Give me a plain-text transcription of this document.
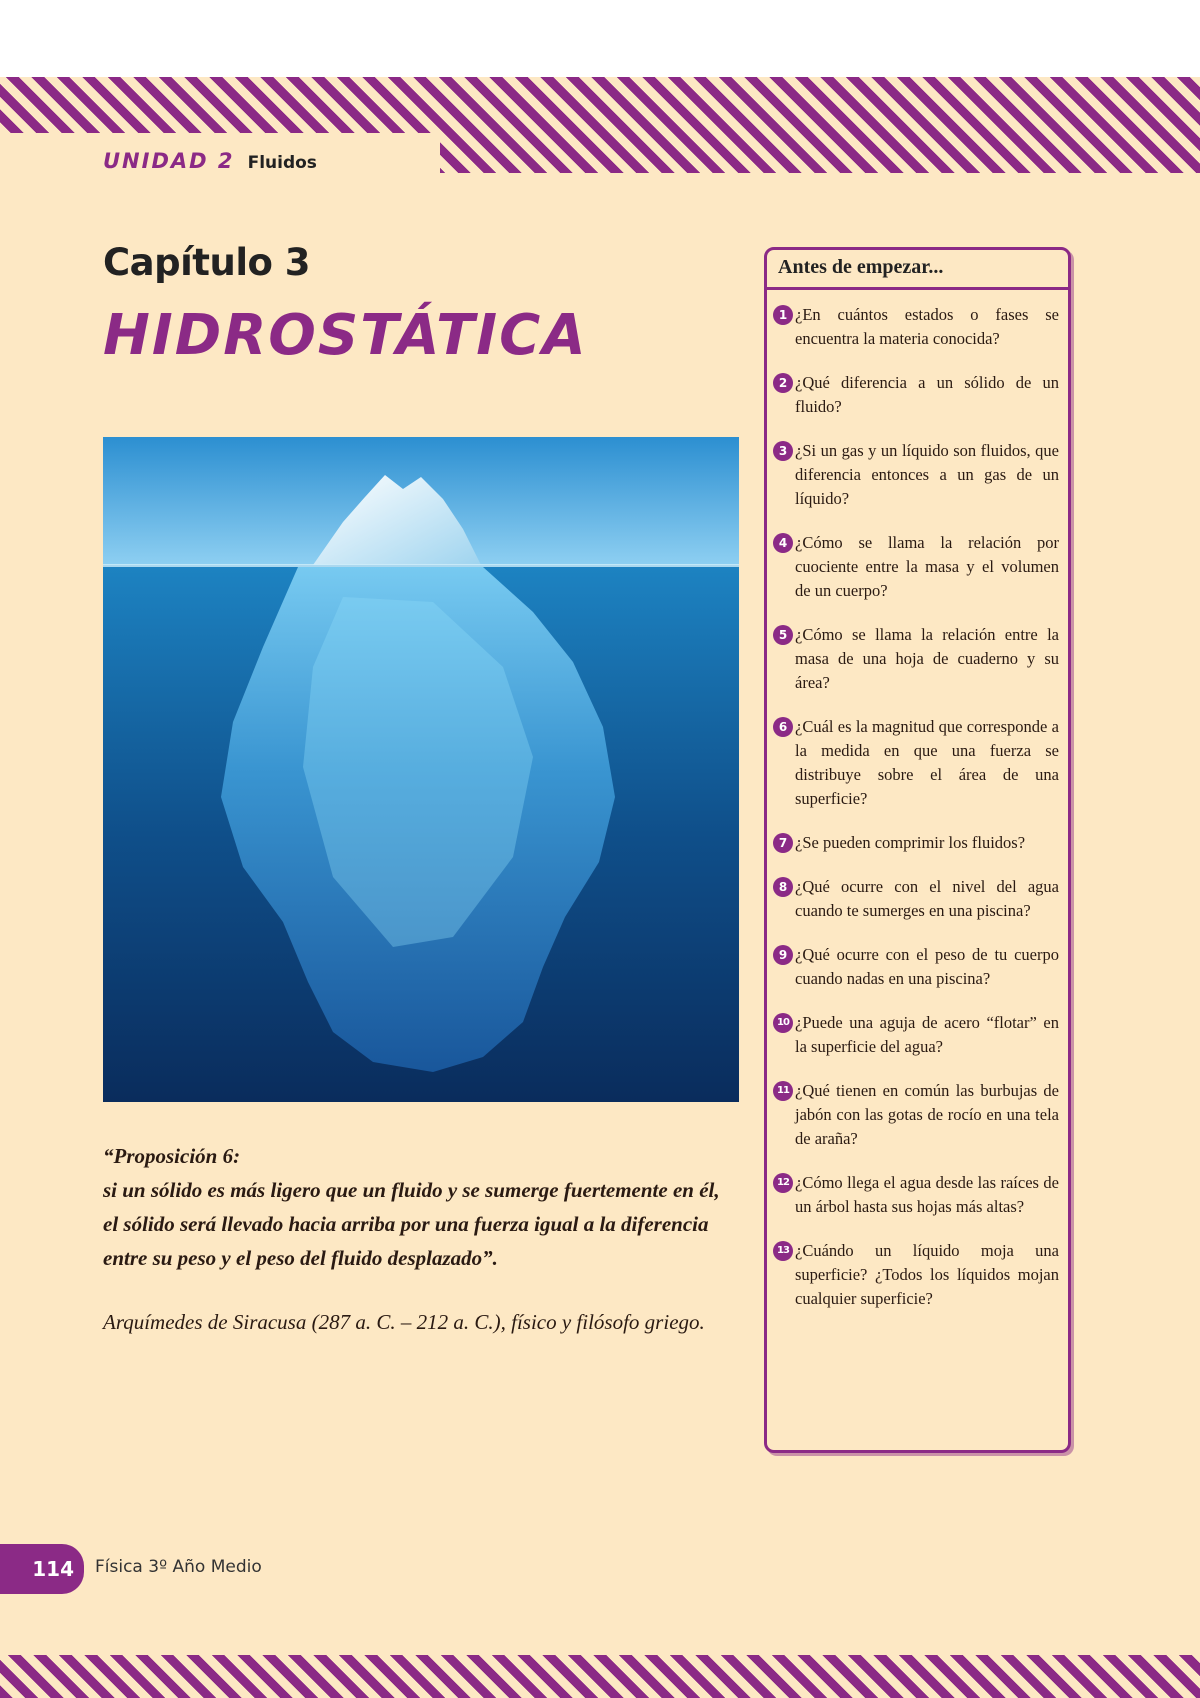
UNIDAD 2 Fluidos
Capítulo 3
HIDROSTÁTICA

“Proposición 6:

si un sólido es más ligero que un fluido y se sumerge fuertemente en él, el sólido será llevado hacia arriba por una fuerza igual a la diferencia entre su peso y el peso del fluido desplazado”.

Arquímedes de Siracusa (287 a. C. – 212 a. C.), físico y filósofo griego.
Antes de empezar...
1 ¿En cuántos estados o fases se encuentra la materia conocida?
2 ¿Qué diferencia a un sólido de un fluido?
3 ¿Si un gas y un líquido son fluidos, que diferencia entonces a un gas de un líquido?
4 ¿Cómo se llama la relación por cuociente entre la masa y el volumen de un cuerpo?
5 ¿Cómo se llama la relación entre la masa de una hoja de cuaderno y su área?
6 ¿Cuál es la magnitud que corresponde a la medida en que una fuerza se distribuye sobre el área de una superficie?
7 ¿Se pueden comprimir los fluidos?
8 ¿Qué ocurre con el nivel del agua cuando te sumerges en una piscina?
9 ¿Qué ocurre con el peso de tu cuerpo cuando nadas en una piscina?
10 ¿Puede una aguja de acero “flotar” en la superficie del agua?
11 ¿Qué tienen en común las burbujas de jabón con las gotas de rocío en una tela de araña?
12 ¿Cómo llega el agua desde las raíces de un árbol hasta sus hojas más altas?
13 ¿Cuándo un líquido moja una superficie? ¿Todos los líquidos mojan cualquier superficie?
114	Física 3º Año Medio
